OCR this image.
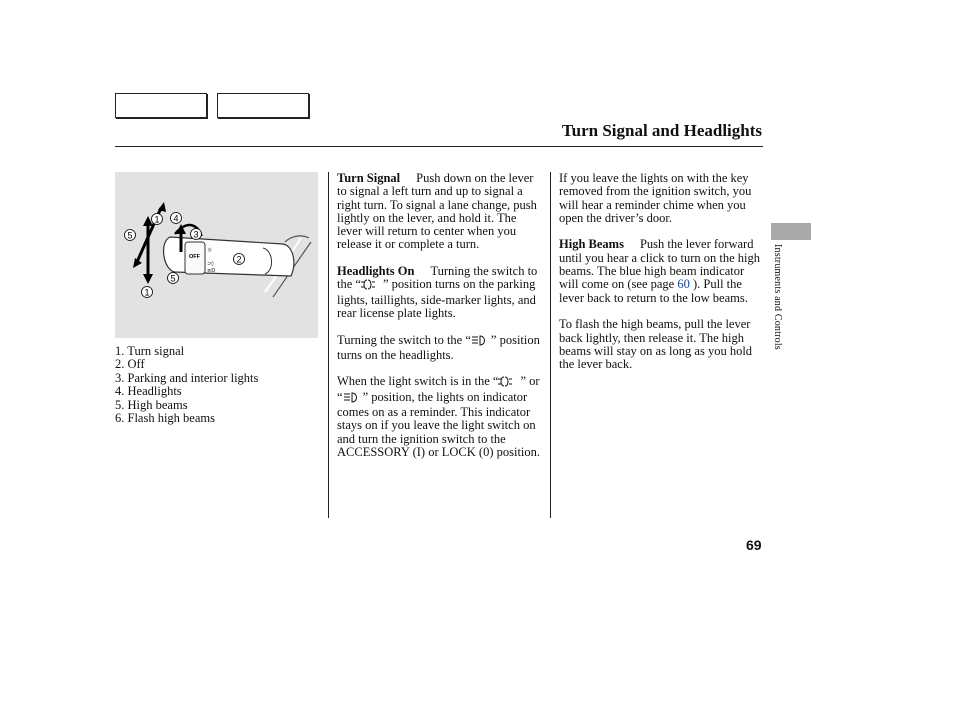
Turn Signal and Headlights
OFF
☼
⊃◊
≡D
1 4
3
5
2
5
1
1. Turn signal
2. Off
3. Parking and interior lights
4. Headlights
5. High beams
6. Flash high beams

Turn Signal Push down on the lever to signal a left turn and up to signal a right turn. To signal a lane change, push lightly on the lever, and hold it. The lever will return to center when you release it or complete a turn.

Headlights On Turning the switch to the “ ” position turns on the parking lights, taillights, side-marker lights, and rear license plate lights.

Turning the switch to the “ ” position turns on the headlights.

When the light switch is in the “ ” or “ ” position, the lights on indicator comes on as a reminder. This indicator stays on if you leave the light switch on and turn the ignition switch to the ACCESSORY (I) or LOCK (0) position.

If you leave the lights on with the key removed from the ignition switch, you will hear a reminder chime when you open the driver’s door.

High Beams Push the lever forward until you hear a click to turn on the high beams. The blue high beam indicator will come on (see page 60 ). Pull the lever back to return to the low beams.

To flash the high beams, pull the lever back lightly, then release it. The high beams will stay on as long as you hold the lever back.

Instruments and Controls
69
